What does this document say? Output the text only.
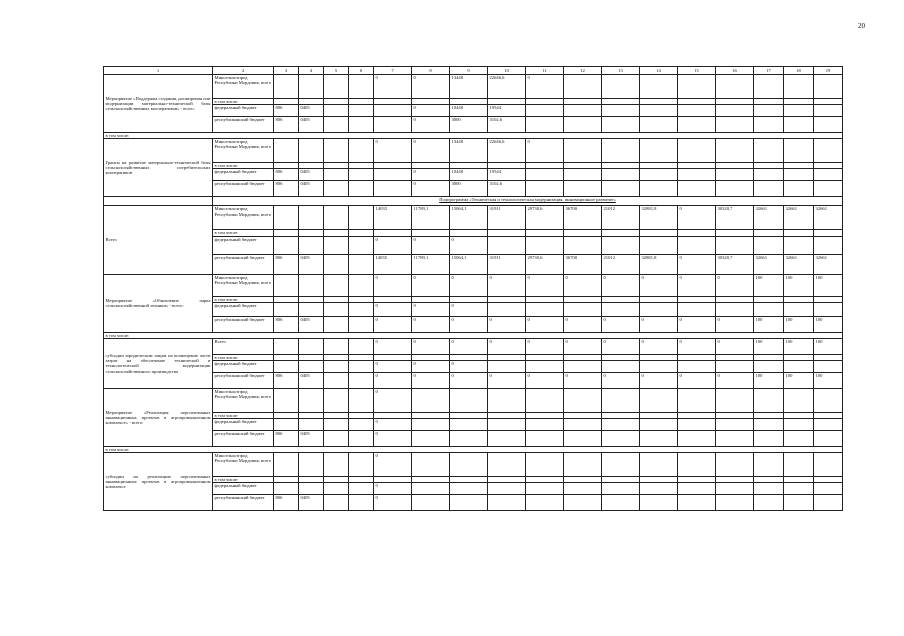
20
1	2	3	4	5	6	7	8	9	10	11	12	13	14	15	16	17	18	19
Мероприятие «Поддержка создания, расширения или модернизации материально-технической базы сельскохозяйственных кооперативов» - всего:	Минсельхозпрод Республики Мордовия, всего					0	0	13448	22646,6	0								
	в том числе:																	
	федеральный бюджет	806	0405				0	10448	19544									
	республиканский бюджет	806	0405				0	3000	3102,6									
в том числе:																		
Гранты на развитие материально-технической базы сельскохозяйственных потребительских кооперативов	Минсельхозпрод Республики Мордовия, всего					0	0	13448	22646,6	0								
	в том числе:																	
	федеральный бюджет	806	0405				0	10448	19544									
	республиканский бюджет	806	0405				0	3000	3102,6									
	Подпрограмма «Техническая и технологическая модернизация, инновационное развитие»																	
Всего	Минсельхозпрод Республики Мордовия, всего					14035	11789,1	15064,1	31911	29730,6	36700	21012	32881,8	0	30320,7	32661	32661	32661
	в том числе:																	
	федеральный бюджет					0	0	0										
	республиканский бюджет	806	0405			14035	11789,1	15064,1	31911	29730,6	36700	21012	32881,8	0	30320,7	32661	32661	32661
Мероприятие «Обновление парка сельскохозяйственной техники» - всего:	Минсельхозпрод Республики Мордовия, всего					0	0	0	0	0	0	0	0	0	0	100	100	100
	в том числе:																	
	федеральный бюджет					0	0	0										
	республиканский бюджет	806	0405			0	0	0	0	0	0	0	0	0	0	100	100	100
в том числе:																		
субсидии юридическим лицам на возмещение части затрат на обеспечение технической и технологической модернизации сельскохозяйственного производства	Всего					0	0	0	0	0	0	0	0	0	0	100	100	100
	в том числе:																	
	федеральный бюджет					0	0	0										
	республиканский бюджет	806	0405			0	0	0	0	0	0	0	0	0	0	100	100	100
Мероприятие «Реализация перспективных инновационных проектов в агропромышленном комплексе» - всего:	Минсельхозпрод Республики Мордовия, всего					0												
	в том числе:																	
	федеральный бюджет					0												
	республиканский бюджет	806	0405			0												
в том числе:																		
субсидии на реализацию перспективных инновационных проектов в агропромышленном комплексе	Минсельхозпрод Республики Мордовия, всего					0												
	в том числе:																	
	федеральный бюджет					0												
	республиканский бюджет	806	0405			0												
